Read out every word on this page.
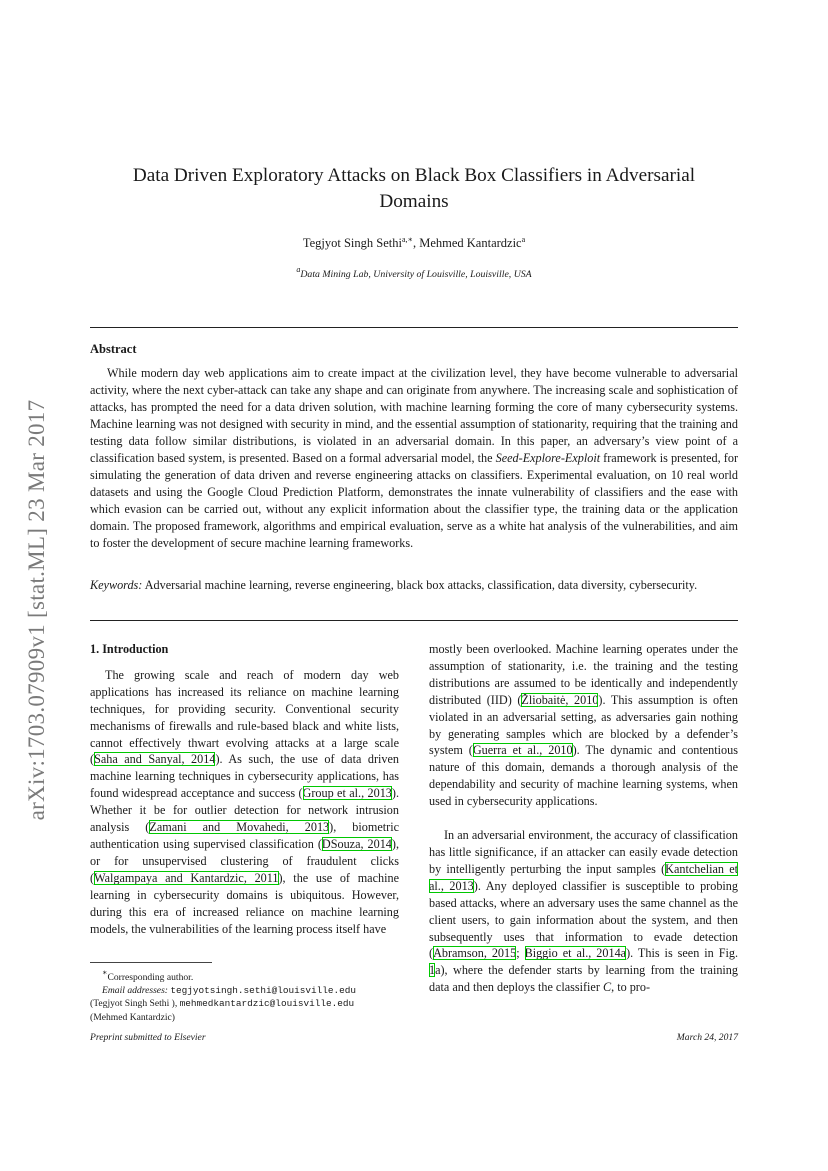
arXiv:1703.07909v1 [stat.ML] 23 Mar 2017
Data Driven Exploratory Attacks on Black Box Classifiers in Adversarial
Domains
Tegjyot Singh Sethi$^{a,∗}$, Mehmed Kantardzic$^a$
$^a$Data Mining Lab, University of Louisville, Louisville, USA
Abstract

While modern day web applications aim to create impact at the civilization level, they have become vulnerable to adversarial activity, where the next cyber-attack can take any shape and can originate from anywhere. The increasing scale and sophistication of attacks, has prompted the need for a data driven solution, with machine learning forming the core of many cybersecurity systems. Machine learning was not designed with security in mind, and the essential assumption of stationarity, requiring that the training and testing data follow similar distributions, is violated in an adversarial domain. In this paper, an adversary’s view point of a classification based system, is presented. Based on a formal adversarial model, the Seed-Explore-Exploit framework is presented, for simulating the generation of data driven and reverse engineering attacks on classifiers. Experimental evaluation, on 10 real world datasets and using the Google Cloud Prediction Platform, demonstrates the innate vulnerability of classifiers and the ease with which evasion can be carried out, without any explicit information about the classifier type, the training data or the application domain. The proposed framework, algorithms and empirical evaluation, serve as a white hat analysis of the vulnerabilities, and aim to foster the development of secure machine learning frameworks.

Keywords: Adversarial machine learning, reverse engineering, black box attacks, classification, data diversity, cybersecurity.

1. Introduction

The growing scale and reach of modern day web applications has increased its reliance on machine learning techniques, for providing security. Conventional security mechanisms of firewalls and rule-based black and white lists, cannot effectively thwart evolving attacks at a large scale (Saha and Sanyal, 2014). As such, the use of data driven machine learning techniques in cybersecurity applications, has found widespread acceptance and success (Group et al., 2013). Whether it be for outlier detection for network intrusion analysis (Zamani and Movahedi, 2013), biometric authentication using supervised classification (DSouza, 2014), or for unsupervised clustering of fraudulent clicks (Walgampaya and Kantardzic, 2011), the use of machine learning in cybersecurity domains is ubiquitous. However, during this era of increased reliance on machine learning models, the vulnerabilities of the learning process itself have

mostly been overlooked. Machine learning operates under the assumption of stationarity, i.e. the training and the testing distributions are assumed to be identically and independently distributed (IID) (Žliobaitė, 2010). This assumption is often violated in an adversarial setting, as adversaries gain nothing by generating samples which are blocked by a defender’s system (Guerra et al., 2010). The dynamic and contentious nature of this domain, demands a thorough analysis of the dependability and security of machine learning systems, when used in cybersecurity applications.

In an adversarial environment, the accuracy of classification has little significance, if an attacker can easily evade detection by intelligently perturbing the input samples (Kantchelian et al., 2013). Any deployed classifier is susceptible to probing based attacks, where an adversary uses the same channel as the client users, to gain information about the system, and then subsequently uses that information to evade detection (Abramson, 2015; Biggio et al., 2014a). This is seen in Fig. 1a), where the defender starts by learning from the training data and then deploys the classifier C, to pro-

∗Corresponding author.

Email addresses: tegjyotsingh.sethi@louisville.edu

(Tegjyot Singh Sethi ), mehmedkantardzic@louisville.edu

(Mehmed Kantardzic)

Preprint submitted to Elsevier	March 24, 2017
